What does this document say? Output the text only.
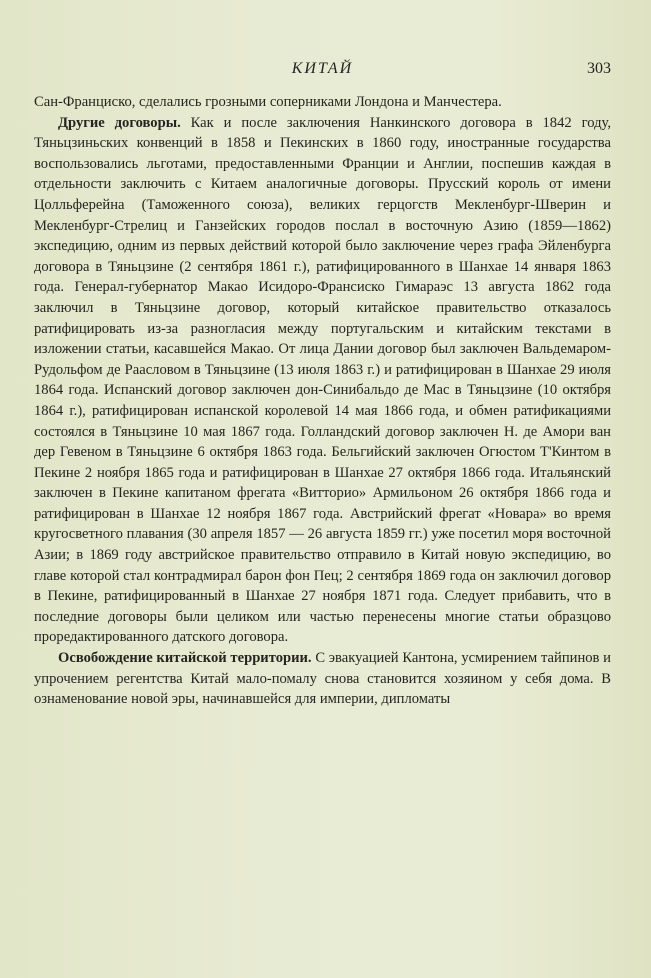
КИТАЙ	303

Сан-Франциско, сделались грозными соперниками Лондона и Манчестера.

Другие договоры. Как и после заключения Нанкинского договора в 1842 году, Тяньцзиньских конвенций в 1858 и Пекинских в 1860 году, иностранные государства воспользовались льготами, предоставленными Франции и Англии, поспешив каждая в отдельности заключить с Китаем аналогичные договоры. Прусский король от имени Цолльферейна (Таможенного союза), великих герцогств Мекленбург-Шверин и Мекленбург-Стрелиц и Ганзейских городов послал в восточную Азию (1859—1862) экспедицию, одним из первых действий которой было заключение через графа Эйленбурга договора в Тяньцзине (2 сентября 1861 г.), ратифицированного в Шанхае 14 января 1863 года. Генерал-губернатор Макао Исидоро-Франсиско Гимараэс 13 августа 1862 года заключил в Тяньцзине договор, который китайское правительство отказалось ратифицировать из-за разногласия между португальским и китайским текстами в изложении статьи, касавшейся Макао. От лица Дании договор был заключен Вальдемаром-Рудольфом де Раасловом в Тяньцзине (13 июля 1863 г.) и ратифицирован в Шанхае 29 июля 1864 года. Испанский договор заключен дон-Синибальдо де Мас в Тяньцзине (10 октября 1864 г.), ратифицирован испанской королевой 14 мая 1866 года, и обмен ратификациями состоялся в Тяньцзине 10 мая 1867 года. Голландский договор заключен Н. де Амори ван дер Гевеном в Тяньцзине 6 октября 1863 года. Бельгийский заключен Огюстом Т'Кинтом в Пекине 2 ноября 1865 года и ратифицирован в Шанхае 27 октября 1866 года. Итальянский заключен в Пекине капитаном фрегата «Витторио» Армильоном 26 октября 1866 года и ратифицирован в Шанхае 12 ноября 1867 года. Австрийский фрегат «Новара» во время кругосветного плавания (30 апреля 1857 — 26 августа 1859 гг.) уже посетил моря восточной Азии; в 1869 году австрийское правительство отправило в Китай новую экспедицию, во главе которой стал контрадмирал барон фон Пец; 2 сентября 1869 года он заключил договор в Пекине, ратифицированный в Шанхае 27 ноября 1871 года. Следует прибавить, что в последние договоры были целиком или частью перенесены многие статьи образцово проредактированного датского договора.

Освобождение китайской территории. С эвакуацией Кантона, усмирением тайпинов и упрочением регентства Китай мало-помалу снова становится хозяином у себя дома. В ознаменование новой эры, начинавшейся для империи, дипломаты
